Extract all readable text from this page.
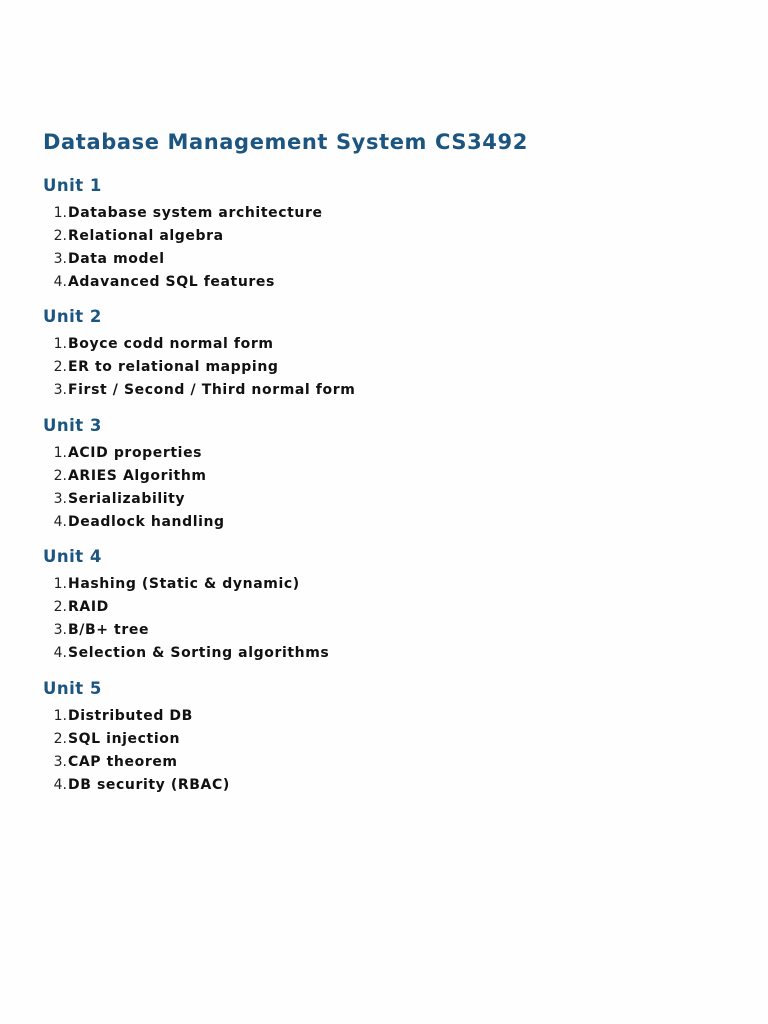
Database Management System CS3492
Unit 1
1. Database system architecture
2. Relational algebra
3. Data model
4. Adavanced SQL features
Unit 2
1. Boyce codd normal form
2. ER to relational mapping
3. First / Second / Third normal form
Unit 3
1. ACID properties
2. ARIES Algorithm
3. Serializability
4. Deadlock handling
Unit 4
1. Hashing (Static & dynamic)
2. RAID
3. B/B+ tree
4. Selection & Sorting algorithms
Unit 5
1. Distributed DB
2. SQL injection
3. CAP theorem
4. DB security (RBAC)
